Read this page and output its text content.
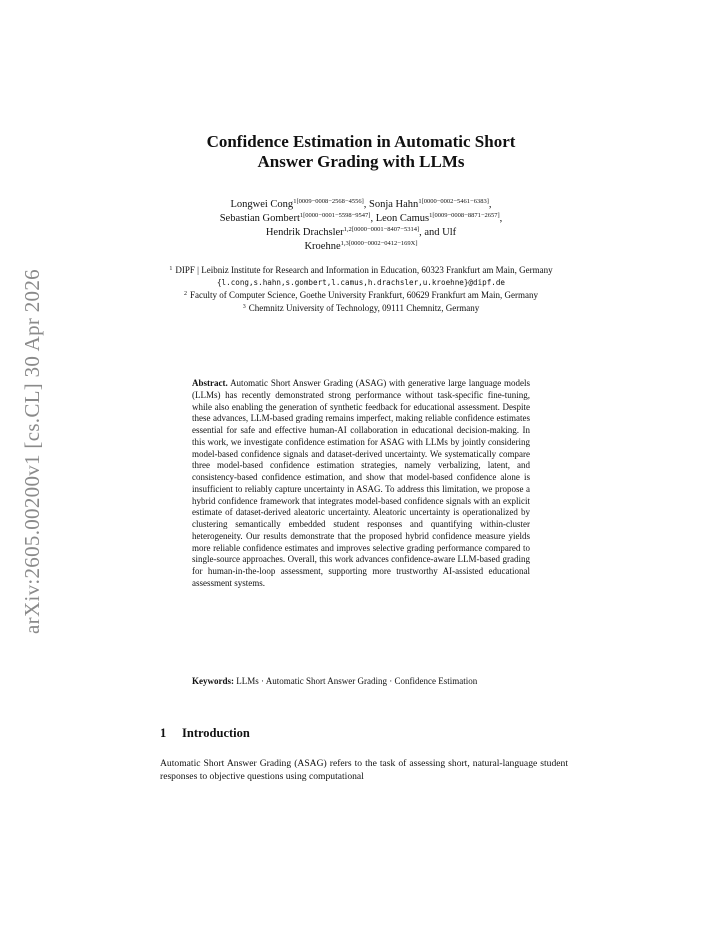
arXiv:2605.00200v1 [cs.CL] 30 Apr 2026
Confidence Estimation in Automatic Short
Answer Grading with LLMs
Longwei Cong$^{1[0009-0008-2568-4556]}$, Sonja Hahn$^{1[0000-0002-5461-6383]}$,
Sebastian Gombert$^{1[0000-0001-5598-9547]}$, Leon Camus$^{1[0009-0008-8871-2657]}$,
Hendrik Drachsler$^{1,2[0000-0001-8407-5314]}$, and Ulf
Kroehne$^{1,3[0000-0002-0412-169X]}$
$^1$ DIPF | Leibniz Institute for Research and Information in Education, 60323 Frankfurt am Main, Germany
{l.cong,s.hahn,s.gombert,l.camus,h.drachsler,u.kroehne}@dipf.de
$^2$ Faculty of Computer Science, Goethe University Frankfurt, 60629 Frankfurt am Main, Germany
$^3$ Chemnitz University of Technology, 09111 Chemnitz, Germany

Abstract. Automatic Short Answer Grading (ASAG) with generative large language models (LLMs) has recently demonstrated strong performance without task-specific fine-tuning, while also enabling the generation of synthetic feedback for educational assessment. Despite these advances, LLM-based grading remains imperfect, making reliable confidence estimates essential for safe and effective human-AI collaboration in educational decision-making. In this work, we investigate confidence estimation for ASAG with LLMs by jointly considering model-based confidence signals and dataset-derived uncertainty. We systematically compare three model-based confidence estimation strategies, namely verbalizing, latent, and consistency-based confidence estimation, and show that model-based confidence alone is insufficient to reliably capture uncertainty in ASAG. To address this limitation, we propose a hybrid confidence framework that integrates model-based confidence signals with an explicit estimate of dataset-derived aleatoric uncertainty. Aleatoric uncertainty is operationalized by clustering semantically embedded student responses and quantifying within-cluster heterogeneity. Our results demonstrate that the proposed hybrid confidence measure yields more reliable confidence estimates and improves selective grading performance compared to single-source approaches. Overall, this work advances confidence-aware LLM-based grading for human-in-the-loop assessment, supporting more trustworthy AI-assisted educational assessment systems.

Keywords: LLMs · Automatic Short Answer Grading · Confidence Estimation

1 Introduction

Automatic Short Answer Grading (ASAG) refers to the task of assessing short, natural-language student responses to objective questions using computational
